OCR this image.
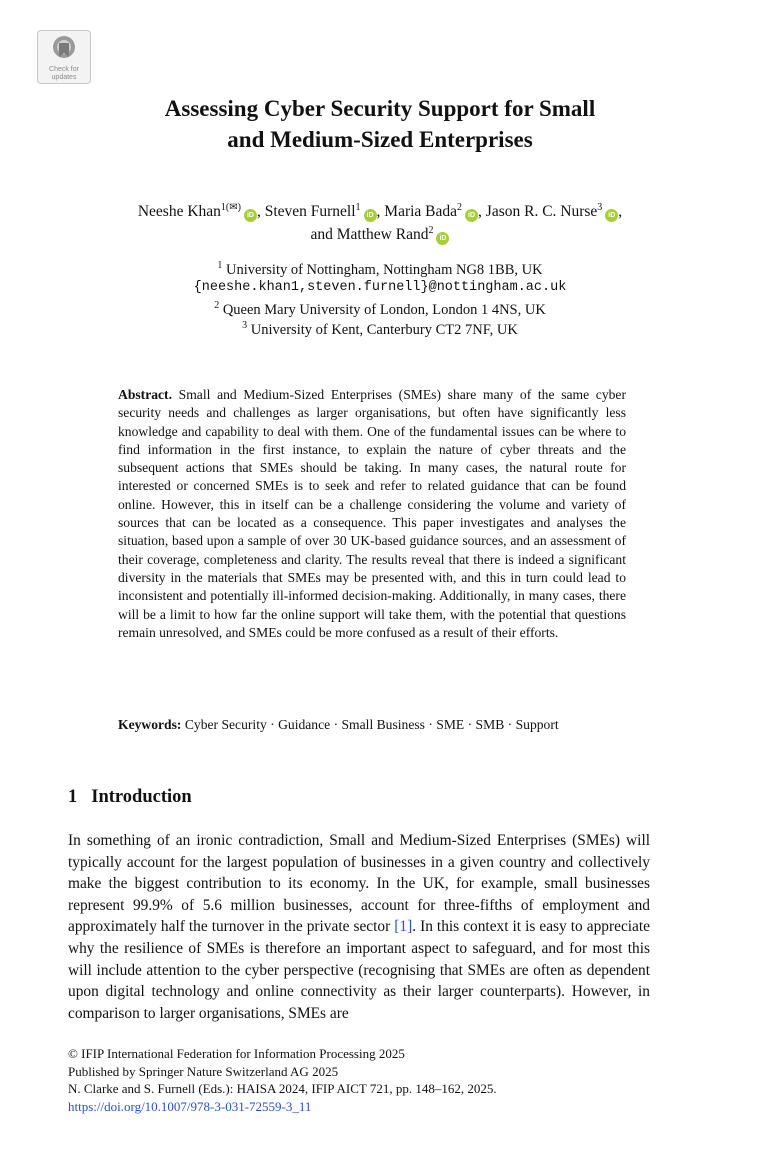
Check for
updates
Assessing Cyber Security Support for Small
and Medium-Sized Enterprises
Neeshe Khan$^{1(✉)}$iD , Steven Furnell$^1$iD , Maria Bada$^2$iD , Jason R. C. Nurse$^3$iD ,
and Matthew Rand$^2$iD
$^1$ University of Nottingham, Nottingham NG8 1BB, UK
{neeshe.khan1,steven.furnell}@nottingham.ac.uk
$^2$ Queen Mary University of London, London 1 4NS, UK
$^3$ University of Kent, Canterbury CT2 7NF, UK
Abstract. Small and Medium-Sized Enterprises (SMEs) share many of the same cyber security needs and challenges as larger organisations, but often have significantly less knowledge and capability to deal with them. One of the fundamental issues can be where to find information in the first instance, to explain the nature of cyber threats and the subsequent actions that SMEs should be taking. In many cases, the natural route for interested or concerned SMEs is to seek and refer to related guidance that can be found online. However, this in itself can be a challenge considering the volume and variety of sources that can be located as a consequence. This paper investigates and analyses the situation, based upon a sample of over 30 UK-based guidance sources, and an assessment of their coverage, completeness and clarity. The results reveal that there is indeed a significant diversity in the materials that SMEs may be presented with, and this in turn could lead to inconsistent and potentially ill-informed decision-making. Additionally, in many cases, there will be a limit to how far the online support will take them, with the potential that questions remain unresolved, and SMEs could be more confused as a result of their efforts.
Keywords: Cyber Security · Guidance · Small Business · SME · SMB · Support
1 Introduction
In something of an ironic contradiction, Small and Medium-Sized Enterprises (SMEs) will typically account for the largest population of businesses in a given country and collectively make the biggest contribution to its economy. In the UK, for example, small businesses represent 99.9% of 5.6 million businesses, account for three-fifths of employment and approximately half the turnover in the private sector [1]. In this context it is easy to appreciate why the resilience of SMEs is therefore an important aspect to safeguard, and for most this will include attention to the cyber perspective (recognising that SMEs are often as dependent upon digital technology and online connectivity as their larger counterparts). However, in comparison to larger organisations, SMEs are
© IFIP International Federation for Information Processing 2025
Published by Springer Nature Switzerland AG 2025
N. Clarke and S. Furnell (Eds.): HAISA 2024, IFIP AICT 721, pp. 148–162, 2025.
https://doi.org/10.1007/978-3-031-72559-3_11
